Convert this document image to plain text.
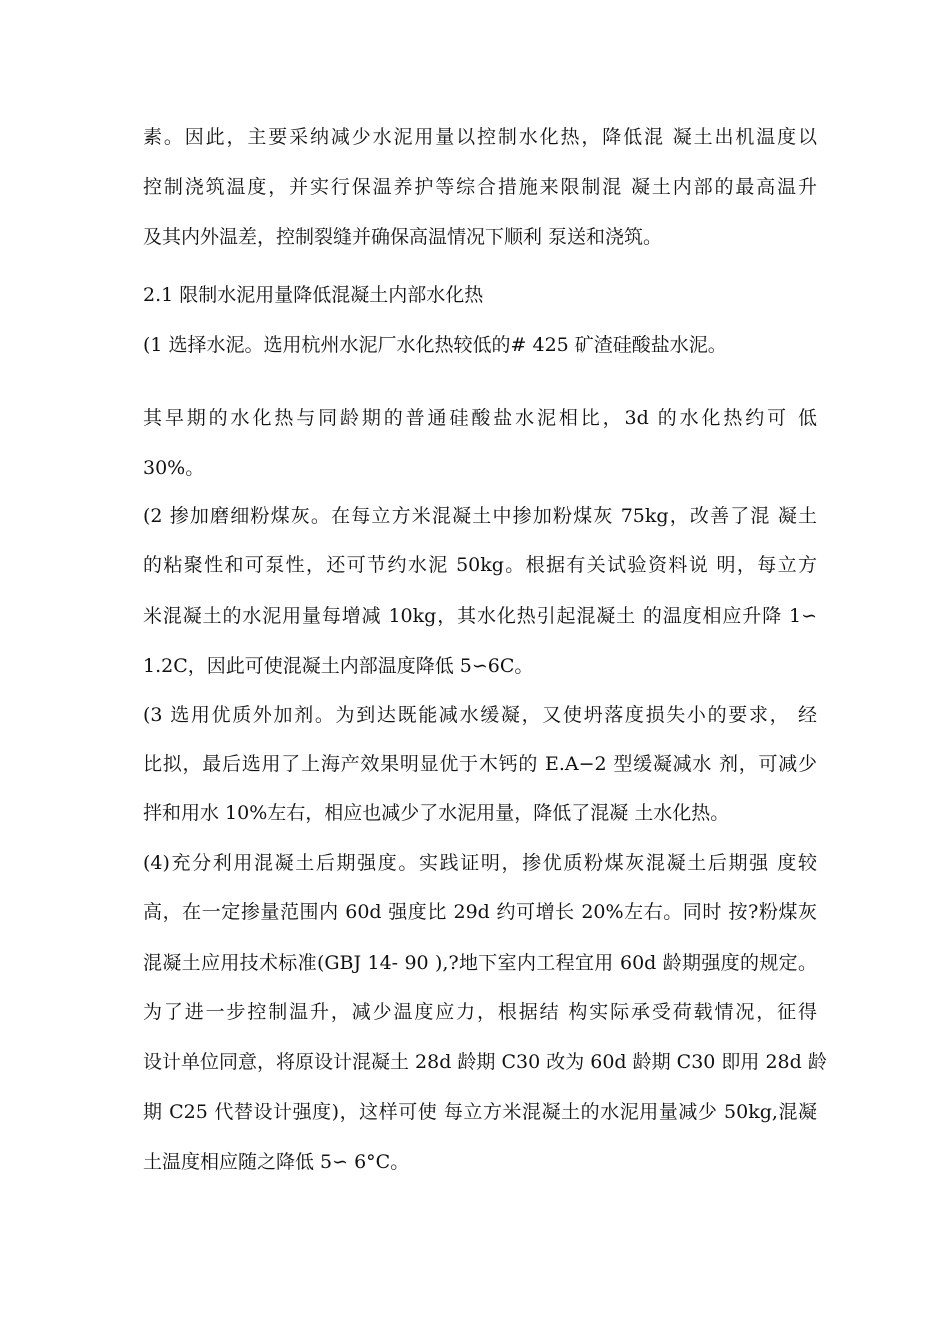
素。因此，主要采纳减少水泥用量以控制水化热，降低混 凝土出机温度以
控制浇筑温度，并实行保温养护等综合措施来限制混 凝土内部的最高温升
及其内外温差，控制裂缝并确保高温情况下顺利 泵送和浇筑。
2.1 限制水泥用量降低混凝土内部水化热
(1 选择水泥。选用杭州水泥厂水化热较低的# 425 矿渣硅酸盐水泥。
其早期的水化热与同龄期的普通硅酸盐水泥相比，3d 的水化热约可 低
30%。
(2 掺加磨细粉煤灰。在每立方米混凝土中掺加粉煤灰 75kg，改善了混 凝土
的粘聚性和可泵性，还可节约水泥 50kg。根据有关试验资料说 明，每立方
米混凝土的水泥用量每增减 10kg，其水化热引起混凝土 的温度相应升降 1∽
1.2C，因此可使混凝土内部温度降低 5∽6C。
(3 选用优质外加剂。为到达既能减水缓凝，又使坍落度损失小的要求， 经
比拟，最后选用了上海产效果明显优于木钙的 E.A−2 型缓凝减水 剂，可减少
拌和用水 10%左右，相应也减少了水泥用量，降低了混凝 土水化热。
(4)充分利用混凝土后期强度。实践证明，掺优质粉煤灰混凝土后期强 度较
高，在一定掺量范围内 60d 强度比 29d 约可增长 20%左右。同时 按?粉煤灰
混凝土应用技术标准(GBJ 14- 90 ),?地下室内工程宜用 60d 龄期强度的规定。
为了进一步控制温升，减少温度应力，根据结 构实际承受荷载情况，征得
设计单位同意，将原设计混凝土 28d 龄期 C30 改为 60d 龄期 C30 即用 28d 龄
期 C25 代替设计强度)，这样可使 每立方米混凝土的水泥用量减少 50kg,混凝
土温度相应随之降低 5∽ 6°C。
